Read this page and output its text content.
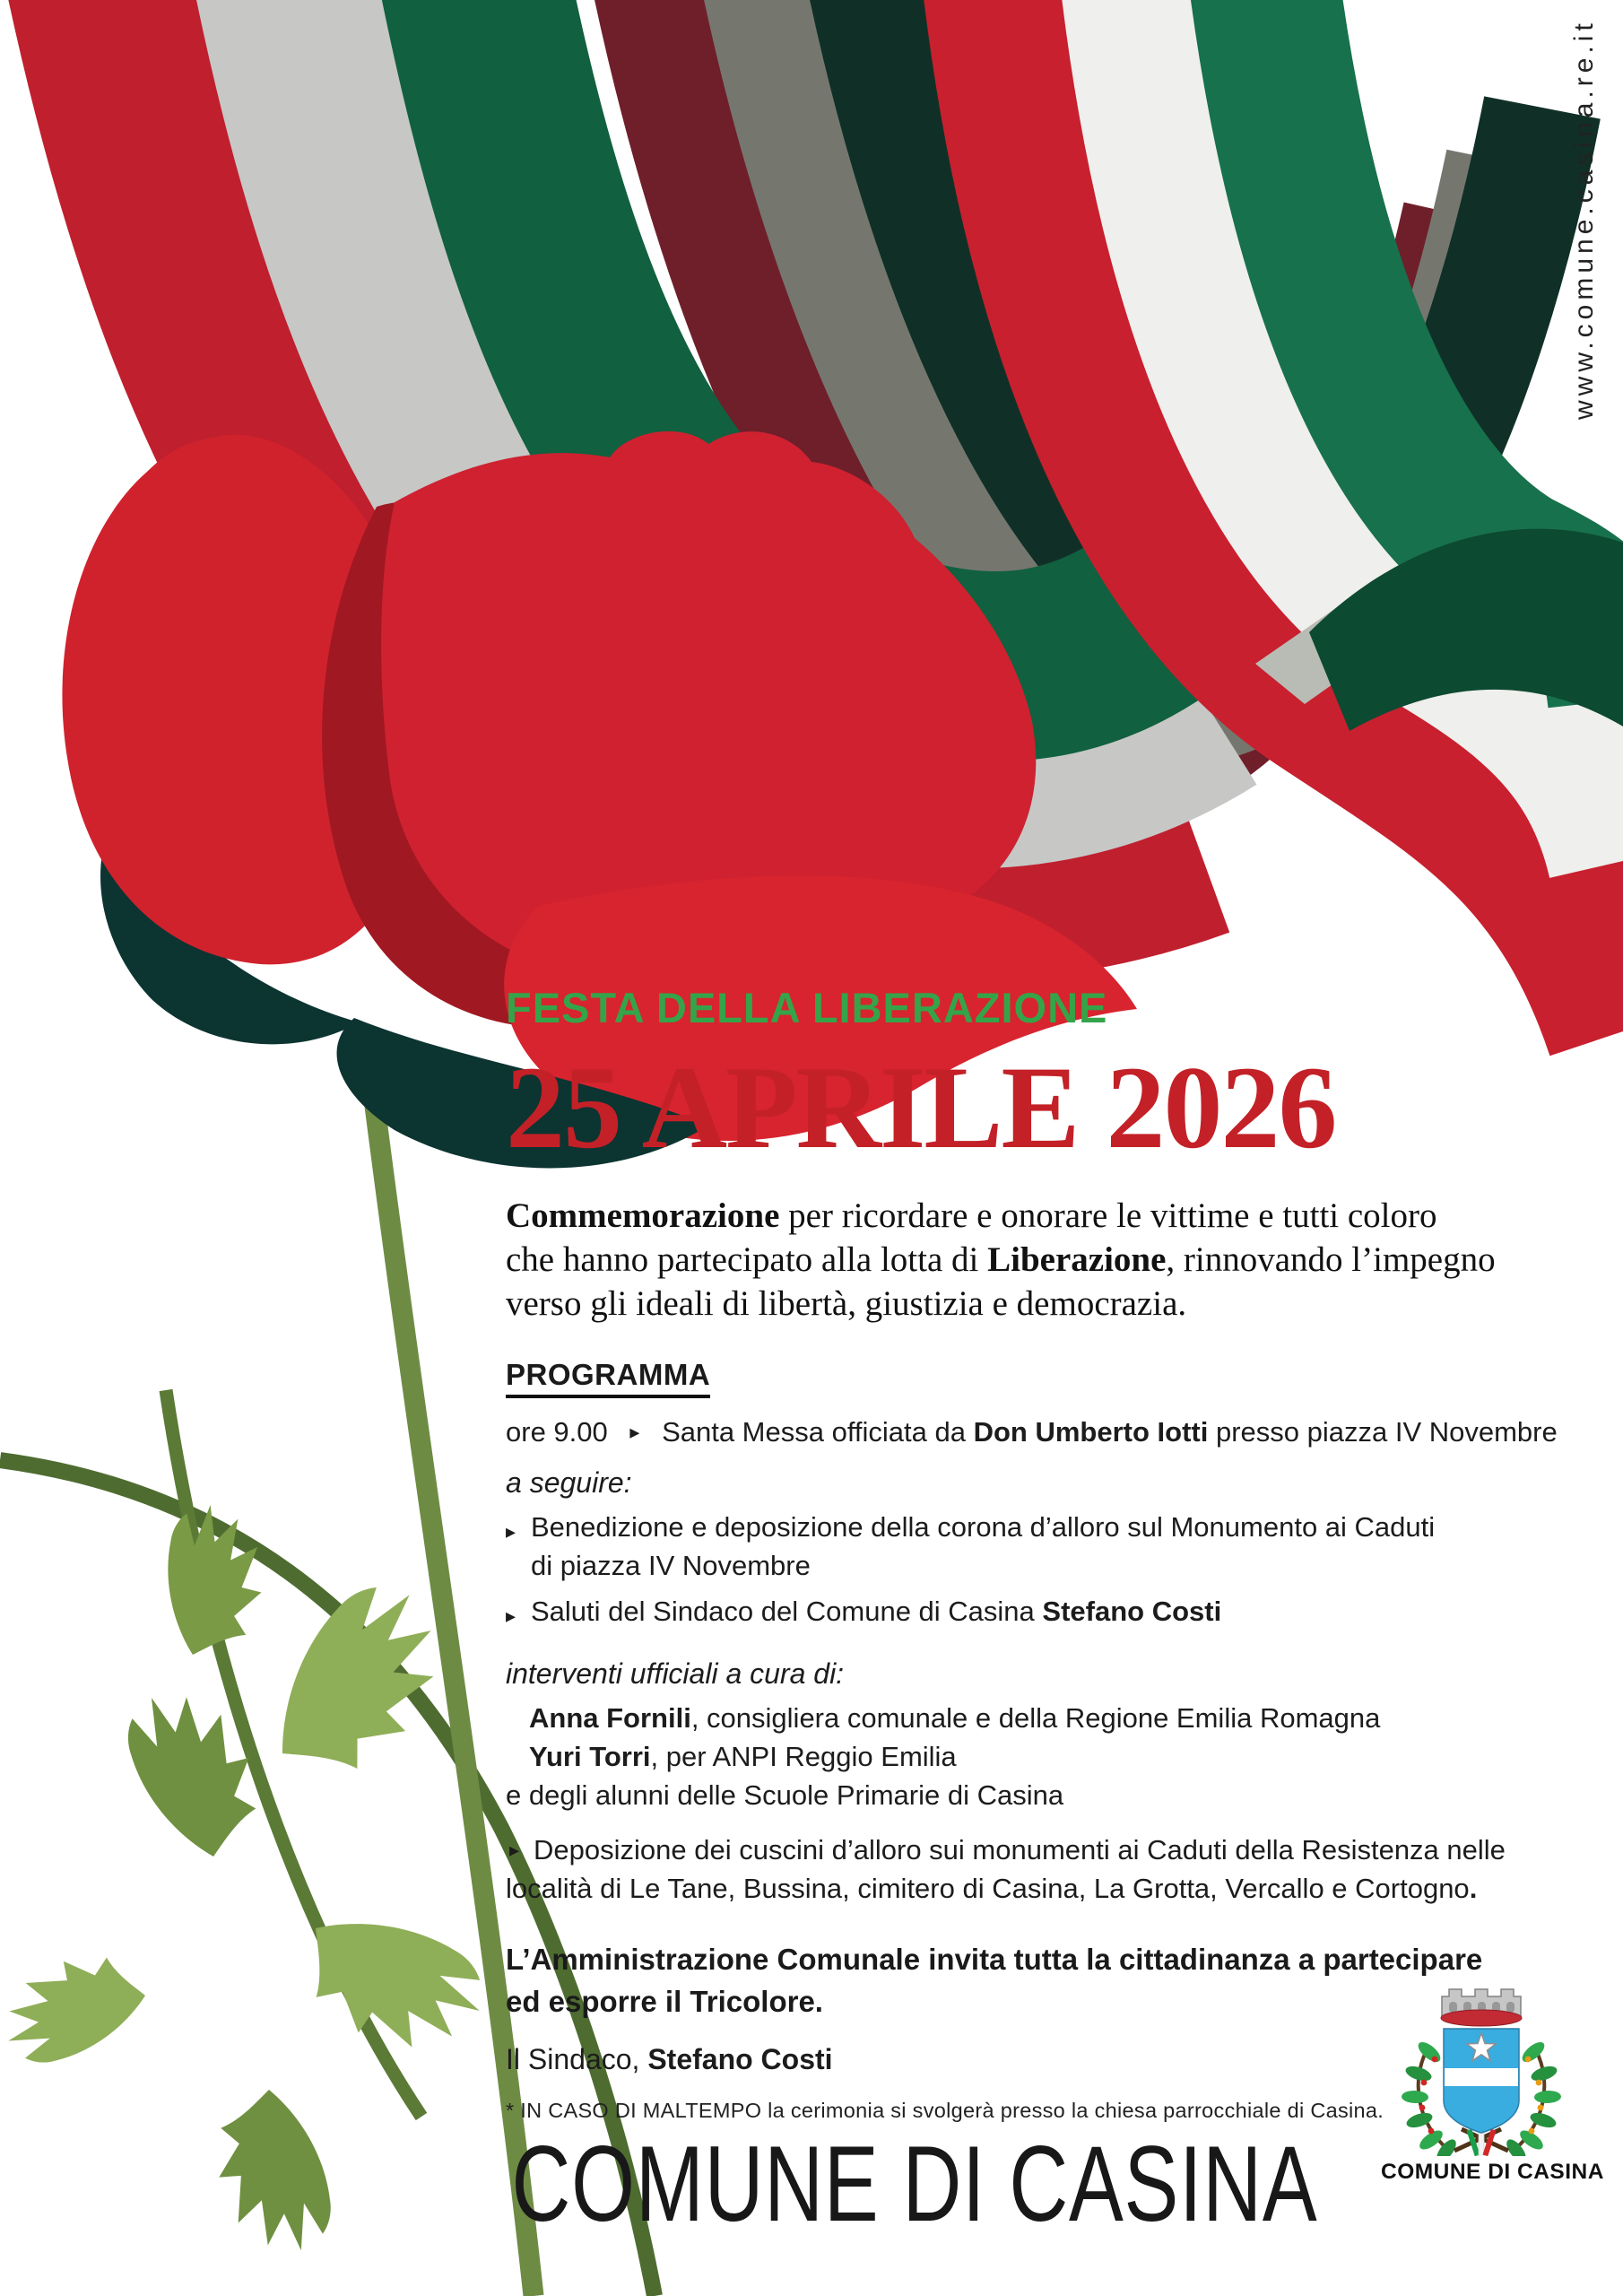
www.comune.casina.re.it
FESTA DELLA LIBERAZIONE
25 APRILE 2026
Commemorazione per ricordare e onorare le vittime e tutti coloro
che hanno partecipato alla lotta di Liberazione, rinnovando l’impegno
verso gli ideali di libertà, giustizia e democrazia.
PROGRAMMA
ore 9.00 ▸ Santa Messa officiata da Don Umberto Iotti presso piazza IV Novembre
a seguire:
▸ Benedizione e deposizione della corona d’alloro sul Monumento ai Caduti
di piazza IV Novembre
▸ Saluti del Sindaco del Comune di Casina Stefano Costi
interventi ufficiali a cura di:
Anna Fornili, consigliera comunale e della Regione Emilia Romagna
Yuri Torri, per ANPI Reggio Emilia
e degli alunni delle Scuole Primarie di Casina
▸ Deposizione dei cuscini d’alloro sui monumenti ai Caduti della Resistenza nelle
località di Le Tane, Bussina, cimitero di Casina, La Grotta, Vercallo e Cortogno.
L’Amministrazione Comunale invita tutta la cittadinanza a partecipare
ed esporre il Tricolore.
Il Sindaco, Stefano Costi
* IN CASO DI MALTEMPO la cerimonia si svolgerà presso la chiesa parrocchiale di Casina.
COMUNE DI CASINA	COMUNE DI CASINA
